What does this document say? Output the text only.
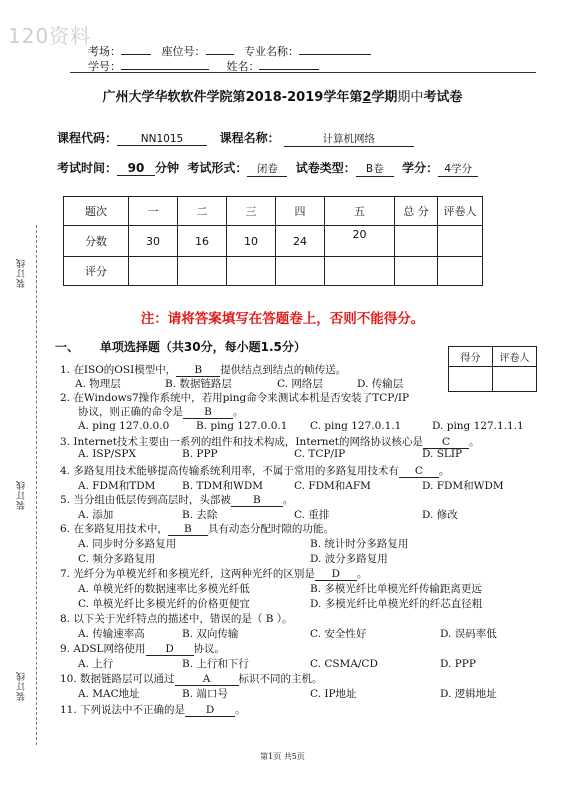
120资料
考场：	座位号：	专业名称：
学号：	姓名：
广州大学华软软件学院第2018-2019学年第2学期期中考试卷
课程代码： NN1015	课程名称：	计算机网络
考试时间： 90 分钟 考试形式： 闭卷 试卷类型： B卷 学分： 4学分
题次	一	二	三	四	五	总 分	评卷人
分数	30	16	10	24	20		
评分							
装订线
装订线
装订线
注：请将答案填写在答题卷上，否则不能得分。
一、 单项选择题（共30分，每小题1.5分）
得分	评卷人

1. 在ISO的OSI模型中， B 提供结点到结点的帧传送。
A. 物理层	B. 数据链路层	C. 网络层	D. 传输层
2. 在Windows7操作系统中，若用ping命令来测试本机是否安装了TCP/IP
协议，则正确的命令是 B 。
A. ping 127.0.0.0	B. ping 127.0.0.1 C. ping 127.0.1.1	D. ping 127.1.1.1
3. Internet技术主要由一系列的组件和技术构成，Internet的网络协议核心是 C 。
A. ISP/SPX	B. PPP	C. TCP/IP	D. SLIP
4. 多路复用技术能够提高传输系统利用率，不属于常用的多路复用技术有 C 。
A. FDM和TDM	B. TDM和WDM	C. FDM和AFM	D. FDM和WDM
5. 当分组由低层传到高层时，头部被 B 。
A. 添加	B. 去除	C. 重排	D. 修改
6. 在多路复用技术中， B 具有动态分配时隙的功能。
A. 同步时分多路复用	B. 统计时分多路复用
C. 频分多路复用	D. 波分多路复用
7. 光纤分为单模光纤和多模光纤，这两种光纤的区别是 D 。
A. 单模光纤的数据速率比多模光纤低	B. 多模光纤比单模光纤传输距离更远
C. 单模光纤比多模光纤的价格更便宜	D. 多模光纤比单模光纤的纤芯直径粗
8. 以下关于光纤特点的描述中，错误的是（ B ）。
A. 传输速率高	B. 双向传输	C. 安全性好	D. 误码率低
9. ADSL网络使用 D 协议。
A. 上行	B. 上行和下行	C. CSMA/CD	D. PPP
10. 数据链路层可以通过	A	标识不同的主机。
A. MAC地址	B. 端口号	C. IP地址	D. 逻辑地址
11. 下列说法中不正确的是 D 。
第1页 共5页
